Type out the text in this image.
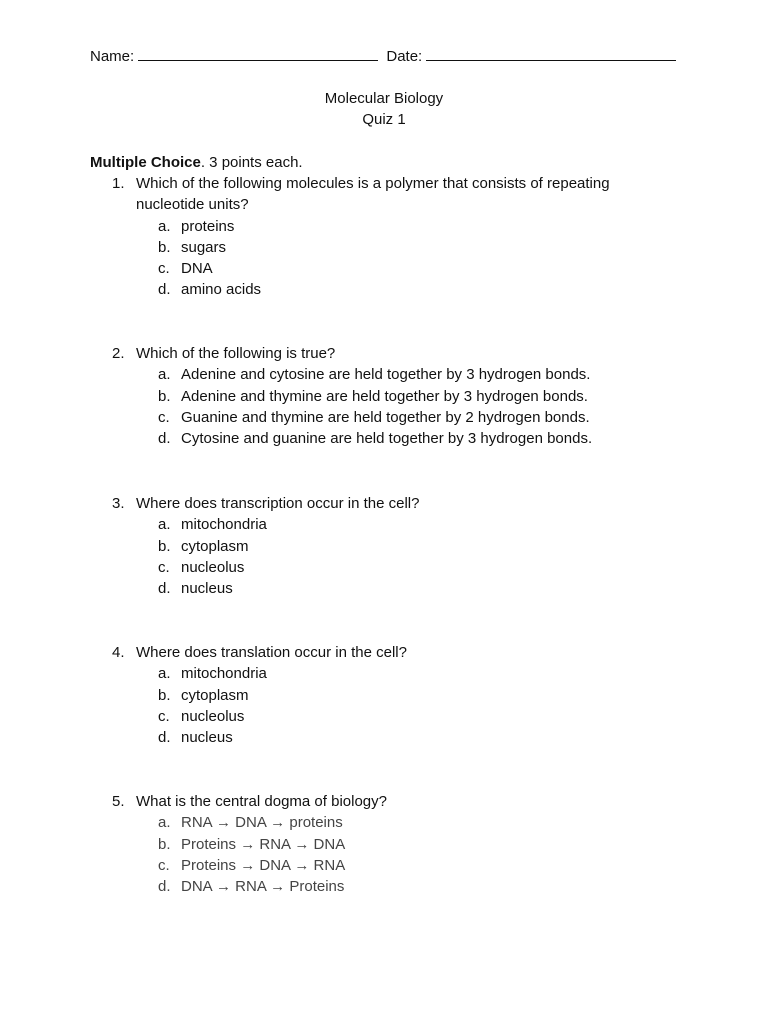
Name:	Date:
Molecular Biology
Quiz 1
Multiple Choice. 3 points each.
1. Which of the following molecules is a polymer that consists of repeating nucleotide units?
a. proteins
b. sugars
c. DNA
d. amino acids
2. Which of the following is true?
a. Adenine and cytosine are held together by 3 hydrogen bonds.
b. Adenine and thymine are held together by 3 hydrogen bonds.
c. Guanine and thymine are held together by 2 hydrogen bonds.
d. Cytosine and guanine are held together by 3 hydrogen bonds.
3. Where does transcription occur in the cell?
a. mitochondria
b. cytoplasm
c. nucleolus
d. nucleus
4. Where does translation occur in the cell?
a. mitochondria
b. cytoplasm
c. nucleolus
d. nucleus
5. What is the central dogma of biology?
a. RNA → DNA → proteins
b. Proteins → RNA → DNA
c. Proteins → DNA → RNA
d. DNA → RNA → Proteins
